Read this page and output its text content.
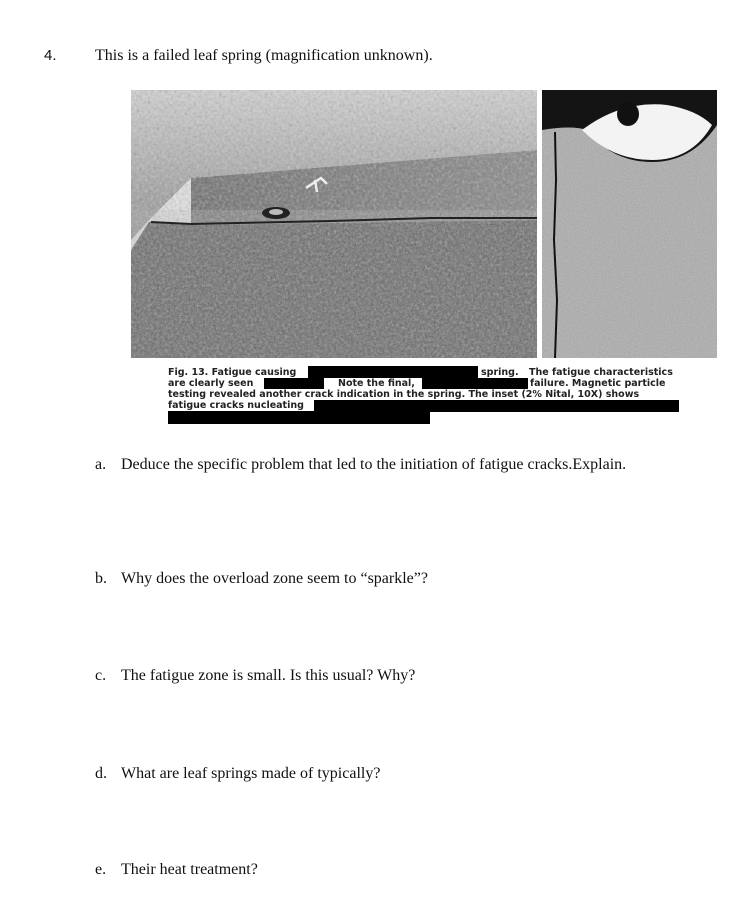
4. This is a failed leaf spring (magnification unknown).
Fig. 13. Fatigue causing	spring. The fatigue characteristics
are clearly seen	Note the final,	failure. Magnetic particle
testing revealed another crack indication in the spring. The inset (2% Nital, 10X) shows
fatigue cracks nucleating
a. Deduce the specific problem that led to the initiation of fatigue cracks.Explain.
b. Why does the overload zone seem to “sparkle”?
c. The fatigue zone is small. Is this usual? Why?
d. What are leaf springs made of typically?
e. Their heat treatment?
